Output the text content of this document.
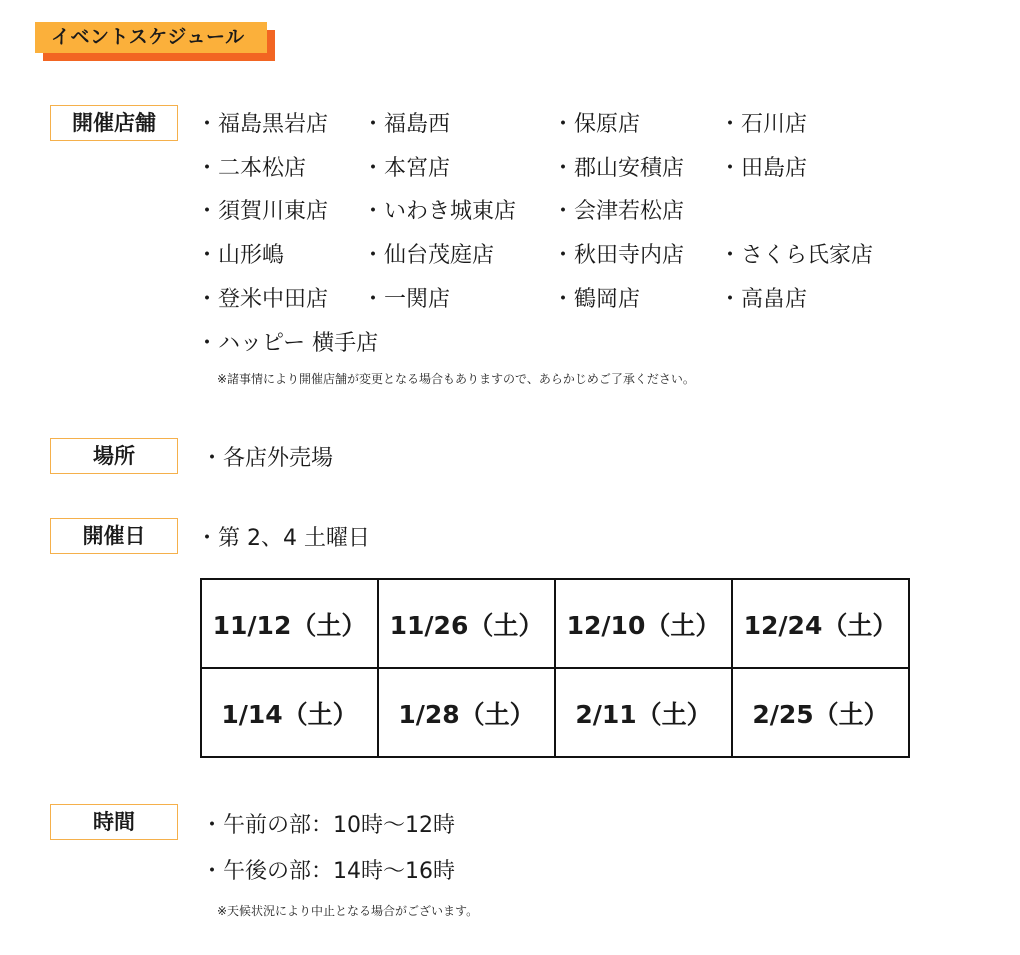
イベントスケジュール
開催店舗	・ 福島黒岩店	・ 福島西	・ 保原店	・ 石川店
・ 二本松店	・ 本宮店	・ 郡山安積店	・ 田島店
・ 須賀川東店	・ いわき城東店	・ 会津若松店
・ 山形嶋	・ 仙台茂庭店	・ 秋田寺内店	・ さくら氏家店
・ 登米中田店	・ 一関店	・ 鶴岡店	・ 高畠店
・ ハッピー 横手店
※諸事情により開催店舗が変更となる場合もありますので、あらかじめご了承ください。
場所	・ 各店外売場
開催日	・ 第 2、4 土曜日
11/12（土）	11/26（土）	12/10（土）	12/24（土）
1/14（土）	1/28（土）	2/11（土）	2/25（土）
時間	・ 午前の部：10時〜12時
・ 午後の部：14時〜16時
※天候状況により中止となる場合がございます。
